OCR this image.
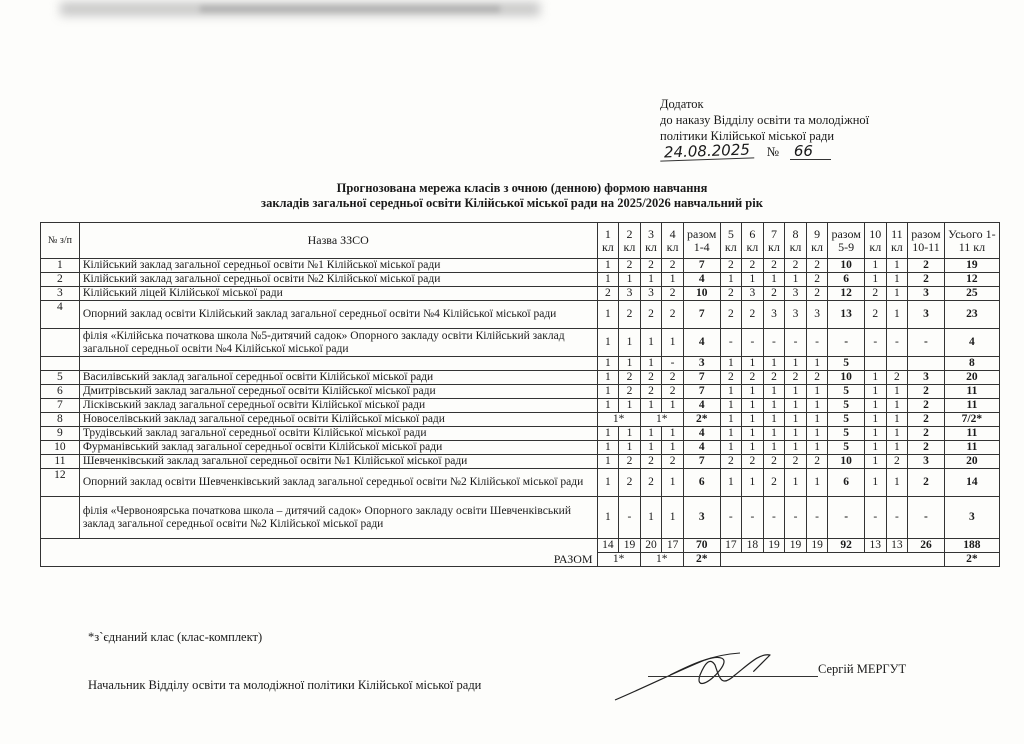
Додаток
до наказу Відділу освіти та молодіжної
політики Кілійської міської ради
24.08.2025 № 66
Прогнозована мережа класів з очною (денною) формою навчання
закладів загальної середньої освіти Кілійської міської ради на 2025/2026 навчальний рік
№ з/п	Назва ЗЗСО	1 кл	2 кл	3 кл	4 кл	разом 1-4	5 кл	6 кл	7 кл	8 кл	9 кл	разом 5-9	10 кл	11 кл	разом 10-11	Усього 1-11 кл
1	Кілійський заклад загальної середньої освіти №1 Кілійської міської ради	1	2	2	2	7	2	2	2	2	2	10	1	1	2	19
2	Кілійський заклад загальної середньої освіти №2 Кілійської міської ради	1	1	1	1	4	1	1	1	1	2	6	1	1	2	12
3	Кілійський ліцей Кілійської міської ради	2	3	3	2	10	2	3	2	3	2	12	2	1	3	25
4	Опорний заклад освіти Кілійський заклад загальної середньої освіти №4 Кілійської міської ради	1	2	2	2	7	2	2	3	3	3	13	2	1	3	23
	філія «Кілійська початкова школа №5-дитячий садок» Опорного закладу освіти Кілійський заклад загальної середньої освіти №4 Кілійської міської ради	1	1	1	1	4	-	-	-	-	-	-	-	-	-	4
		1	1	1	-	3	1	1	1	1	1	5				8
5	Василівський заклад загальної середньої освіти Кілійської міської ради	1	2	2	2	7	2	2	2	2	2	10	1	2	3	20
6	Дмитрівський заклад загальної середньої освіти Кілійської міської ради	1	2	2	2	7	1	1	1	1	1	5	1	1	2	11
7	Лісківський заклад загальної середньої освіти Кілійської міської ради	1	1	1	1	4	1	1	1	1	1	5	1	1	2	11
8	Новоселівський заклад загальної середньої освіти Кілійської міської ради	1*		1*		2*	1	1	1	1	1	5	1	1	2	7/2*
9	Трудівський заклад загальної середньої освіти Кілійської міської ради	1	1	1	1	4	1	1	1	1	1	5	1	1	2	11
10	Фурманівський заклад загальної середньої освіти Кілійської міської ради	1	1	1	1	4	1	1	1	1	1	5	1	1	2	11
11	Шевченківський заклад загальної середньої освіти №1 Кілійської міської ради	1	2	2	2	7	2	2	2	2	2	10	1	2	3	20
12	Опорний заклад освіти Шевченківський заклад загальної середньої освіти №2 Кілійської міської ради	1	2	2	1	6	1	1	2	1	1	6	1	1	2	14
	філія «Червоноярська початкова школа – дитячий садок» Опорного закладу освіти Шевченківський заклад загальної середньої освіти №2 Кілійської міської ради	1	-	1	1	3	-	-	-	-	-	-	-	-	-	3
РАЗОМ		14	19	20	17	70	17	18	19	19	19	92	13	13	26	188
		1*		1*		2*										2*
*з`єднаний клас (клас-комплект)
Начальник Відділу освіти та молодіжної політики Кілійської міської ради
Сергій МЕРГУТ
